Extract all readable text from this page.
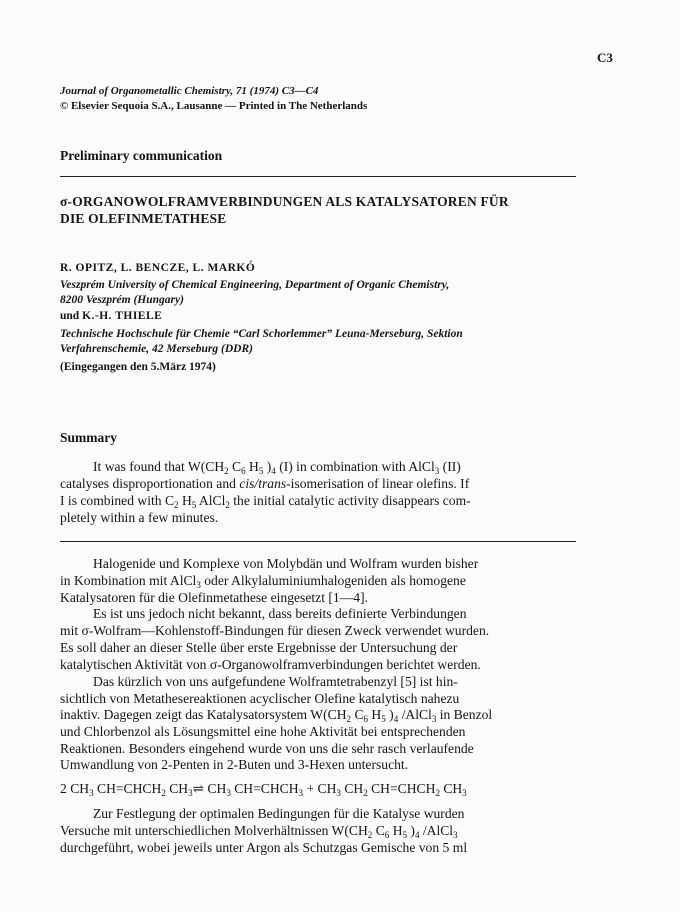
C3
Journal of Organometallic Chemistry, 71 (1974) C3—C4
© Elsevier Sequoia S.A., Lausanne — Printed in The Netherlands
Preliminary communication
σ-ORGANOWOLFRAMVERBINDUNGEN ALS KATALYSATOREN FÜR
DIE OLEFINMETATHESE
R. OPITZ, L. BENCZE, L. MARKÓ
Veszprém University of Chemical Engineering, Department of Organic Chemistry,
8200 Veszprém (Hungary)
und K.-H. THIELE
Technische Hochschule für Chemie “Carl Schorlemmer” Leuna-Merseburg, Sektion
Verfahrenschemie, 42 Merseburg (DDR)
(Eingegangen den 5.März 1974)
Summary
It was found that $W(CH_2$ $C_6$ $H_5$ )$_4$ (I) in combination with AlCl$_3$ (II)
catalyses disproportionation and cis/trans-isomerisation of linear olefins. If
I is combined with $C_2$ $H_5$ AlCl$_2$ the initial catalytic activity disappears com-
pletely within a few minutes.
Halogenide und Komplexe von Molybdän und Wolfram wurden bisher
in Kombination mit AlCl$_3$ oder Alkylaluminiumhalogeniden als homogene
Katalysatoren für die Olefinmetathese eingesetzt [1—4].
Es ist uns jedoch nicht bekannt, dass bereits definierte Verbindungen
mit σ-Wolfram—Kohlenstoff-Bindungen für diesen Zweck verwendet wurden.
Es soll daher an dieser Stelle über erste Ergebnisse der Untersuchung der
katalytischen Aktivität von σ-Organowolframverbindungen berichtet werden.
Das kürzlich von uns aufgefundene Wolframtetrabenzyl [5] ist hin-
sichtlich von Metathesereaktionen acyclischer Olefine katalytisch nahezu
inaktiv. Dagegen zeigt das Katalysatorsystem $W(CH_2$ $C_6$ $H_5$ )$_4$ /AlCl$_3$ in Benzol
und Chlorbenzol als Lösungsmittel eine hohe Aktivität bei entsprechenden
Reaktionen. Besonders eingehend wurde von uns die sehr rasch verlaufende
Umwandlung von 2-Penten in 2-Buten und 3-Hexen untersucht.
2 $CH_3$ $CH=CHCH_2$ $CH_3\rightleftharpoons$ $CH_3$ $CH=CHCH_3 + CH_3$ $CH_2$ $CH=CHCH_2$ $CH_3$
Zur Festlegung der optimalen Bedingungen für die Katalyse wurden
Versuche mit unterschiedlichen Molverhältnissen $W(CH_2$ $C_6$ $H_5$ )$_4$ /AlCl$_3$
durchgeführt, wobei jeweils unter Argon als Schutzgas Gemische von 5 ml
